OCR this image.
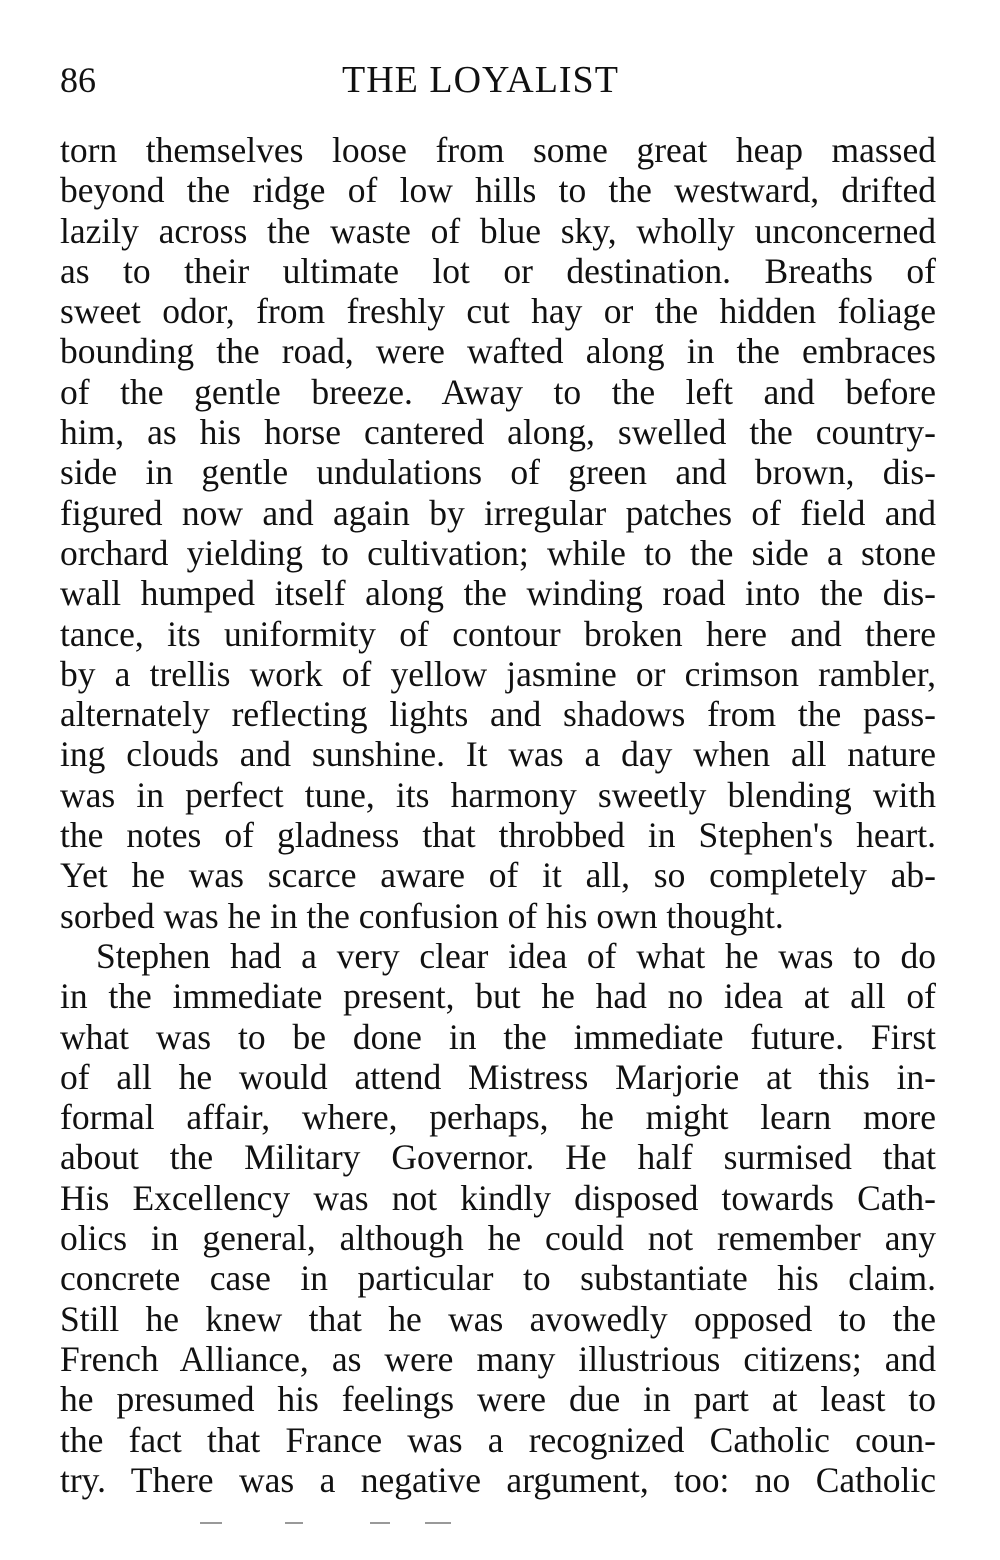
86	THE LOYALIST
torn themselves loose from some great heap massed
beyond the ridge of low hills to the westward, drifted
lazily across the waste of blue sky, wholly unconcerned
as to their ultimate lot or destination. Breaths of
sweet odor, from freshly cut hay or the hidden foliage
bounding the road, were wafted along in the embraces
of the gentle breeze. Away to the left and before
him, as his horse cantered along, swelled the country-
side in gentle undulations of green and brown, dis-
figured now and again by irregular patches of field and
orchard yielding to cultivation; while to the side a stone
wall humped itself along the winding road into the dis-
tance, its uniformity of contour broken here and there
by a trellis work of yellow jasmine or crimson rambler,
alternately reflecting lights and shadows from the pass-
ing clouds and sunshine. It was a day when all nature
was in perfect tune, its harmony sweetly blending with
the notes of gladness that throbbed in Stephen's heart.
Yet he was scarce aware of it all, so completely ab-
sorbed was he in the confusion of his own thought.
Stephen had a very clear idea of what he was to do
in the immediate present, but he had no idea at all of
what was to be done in the immediate future. First
of all he would attend Mistress Marjorie at this in-
formal affair, where, perhaps, he might learn more
about the Military Governor. He half surmised that
His Excellency was not kindly disposed towards Cath-
olics in general, although he could not remember any
concrete case in particular to substantiate his claim.
Still he knew that he was avowedly opposed to the
French Alliance, as were many illustrious citizens; and
he presumed his feelings were due in part at least to
the fact that France was a recognized Catholic coun-
try. There was a negative argument, too: no Catholic
